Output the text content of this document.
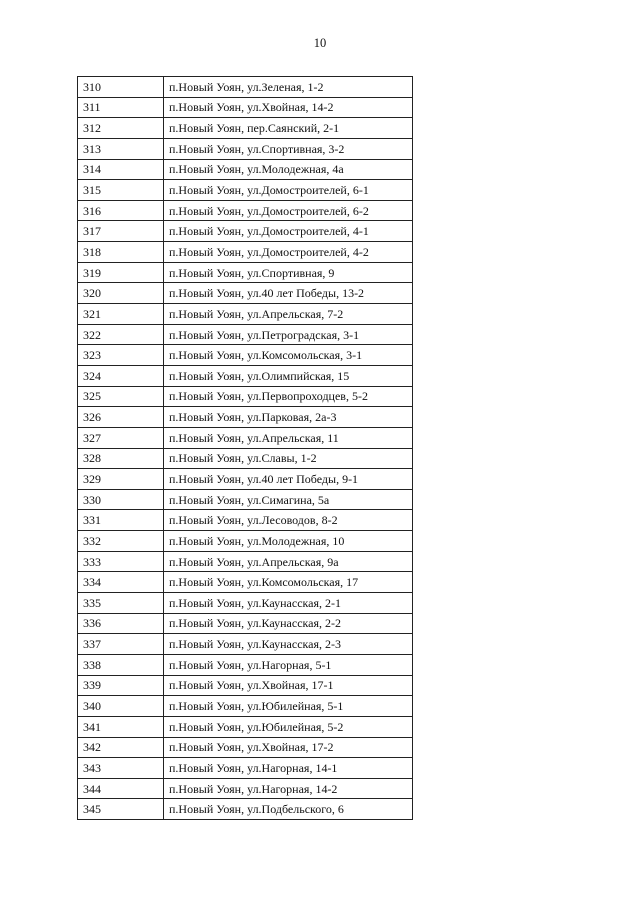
10
310	п.Новый Уоян, ул.Зеленая, 1-2
311	п.Новый Уоян, ул.Хвойная, 14-2
312	п.Новый Уоян, пер.Саянский, 2-1
313	п.Новый Уоян, ул.Спортивная, 3-2
314	п.Новый Уоян, ул.Молодежная, 4а
315	п.Новый Уоян, ул.Домостроителей, 6-1
316	п.Новый Уоян, ул.Домостроителей, 6-2
317	п.Новый Уоян, ул.Домостроителей, 4-1
318	п.Новый Уоян, ул.Домостроителей, 4-2
319	п.Новый Уоян, ул.Спортивная, 9
320	п.Новый Уоян, ул.40 лет Победы, 13-2
321	п.Новый Уоян, ул.Апрельская, 7-2
322	п.Новый Уоян, ул.Петроградская, 3-1
323	п.Новый Уоян, ул.Комсомольская, 3-1
324	п.Новый Уоян, ул.Олимпийская, 15
325	п.Новый Уоян, ул.Первопроходцев, 5-2
326	п.Новый Уоян, ул.Парковая, 2а-3
327	п.Новый Уоян, ул.Апрельская, 11
328	п.Новый Уоян, ул.Славы, 1-2
329	п.Новый Уоян, ул.40 лет Победы, 9-1
330	п.Новый Уоян, ул.Симагина, 5а
331	п.Новый Уоян, ул.Лесоводов, 8-2
332	п.Новый Уоян, ул.Молодежная, 10
333	п.Новый Уоян, ул.Апрельская, 9а
334	п.Новый Уоян, ул.Комсомольская, 17
335	п.Новый Уоян, ул.Каунасская, 2-1
336	п.Новый Уоян, ул.Каунасская, 2-2
337	п.Новый Уоян, ул.Каунасская, 2-3
338	п.Новый Уоян, ул.Нагорная, 5-1
339	п.Новый Уоян, ул.Хвойная, 17-1
340	п.Новый Уоян, ул.Юбилейная, 5-1
341	п.Новый Уоян, ул.Юбилейная, 5-2
342	п.Новый Уоян, ул.Хвойная, 17-2
343	п.Новый Уоян, ул.Нагорная, 14-1
344	п.Новый Уоян, ул.Нагорная, 14-2
345	п.Новый Уоян, ул.Подбельского, 6
